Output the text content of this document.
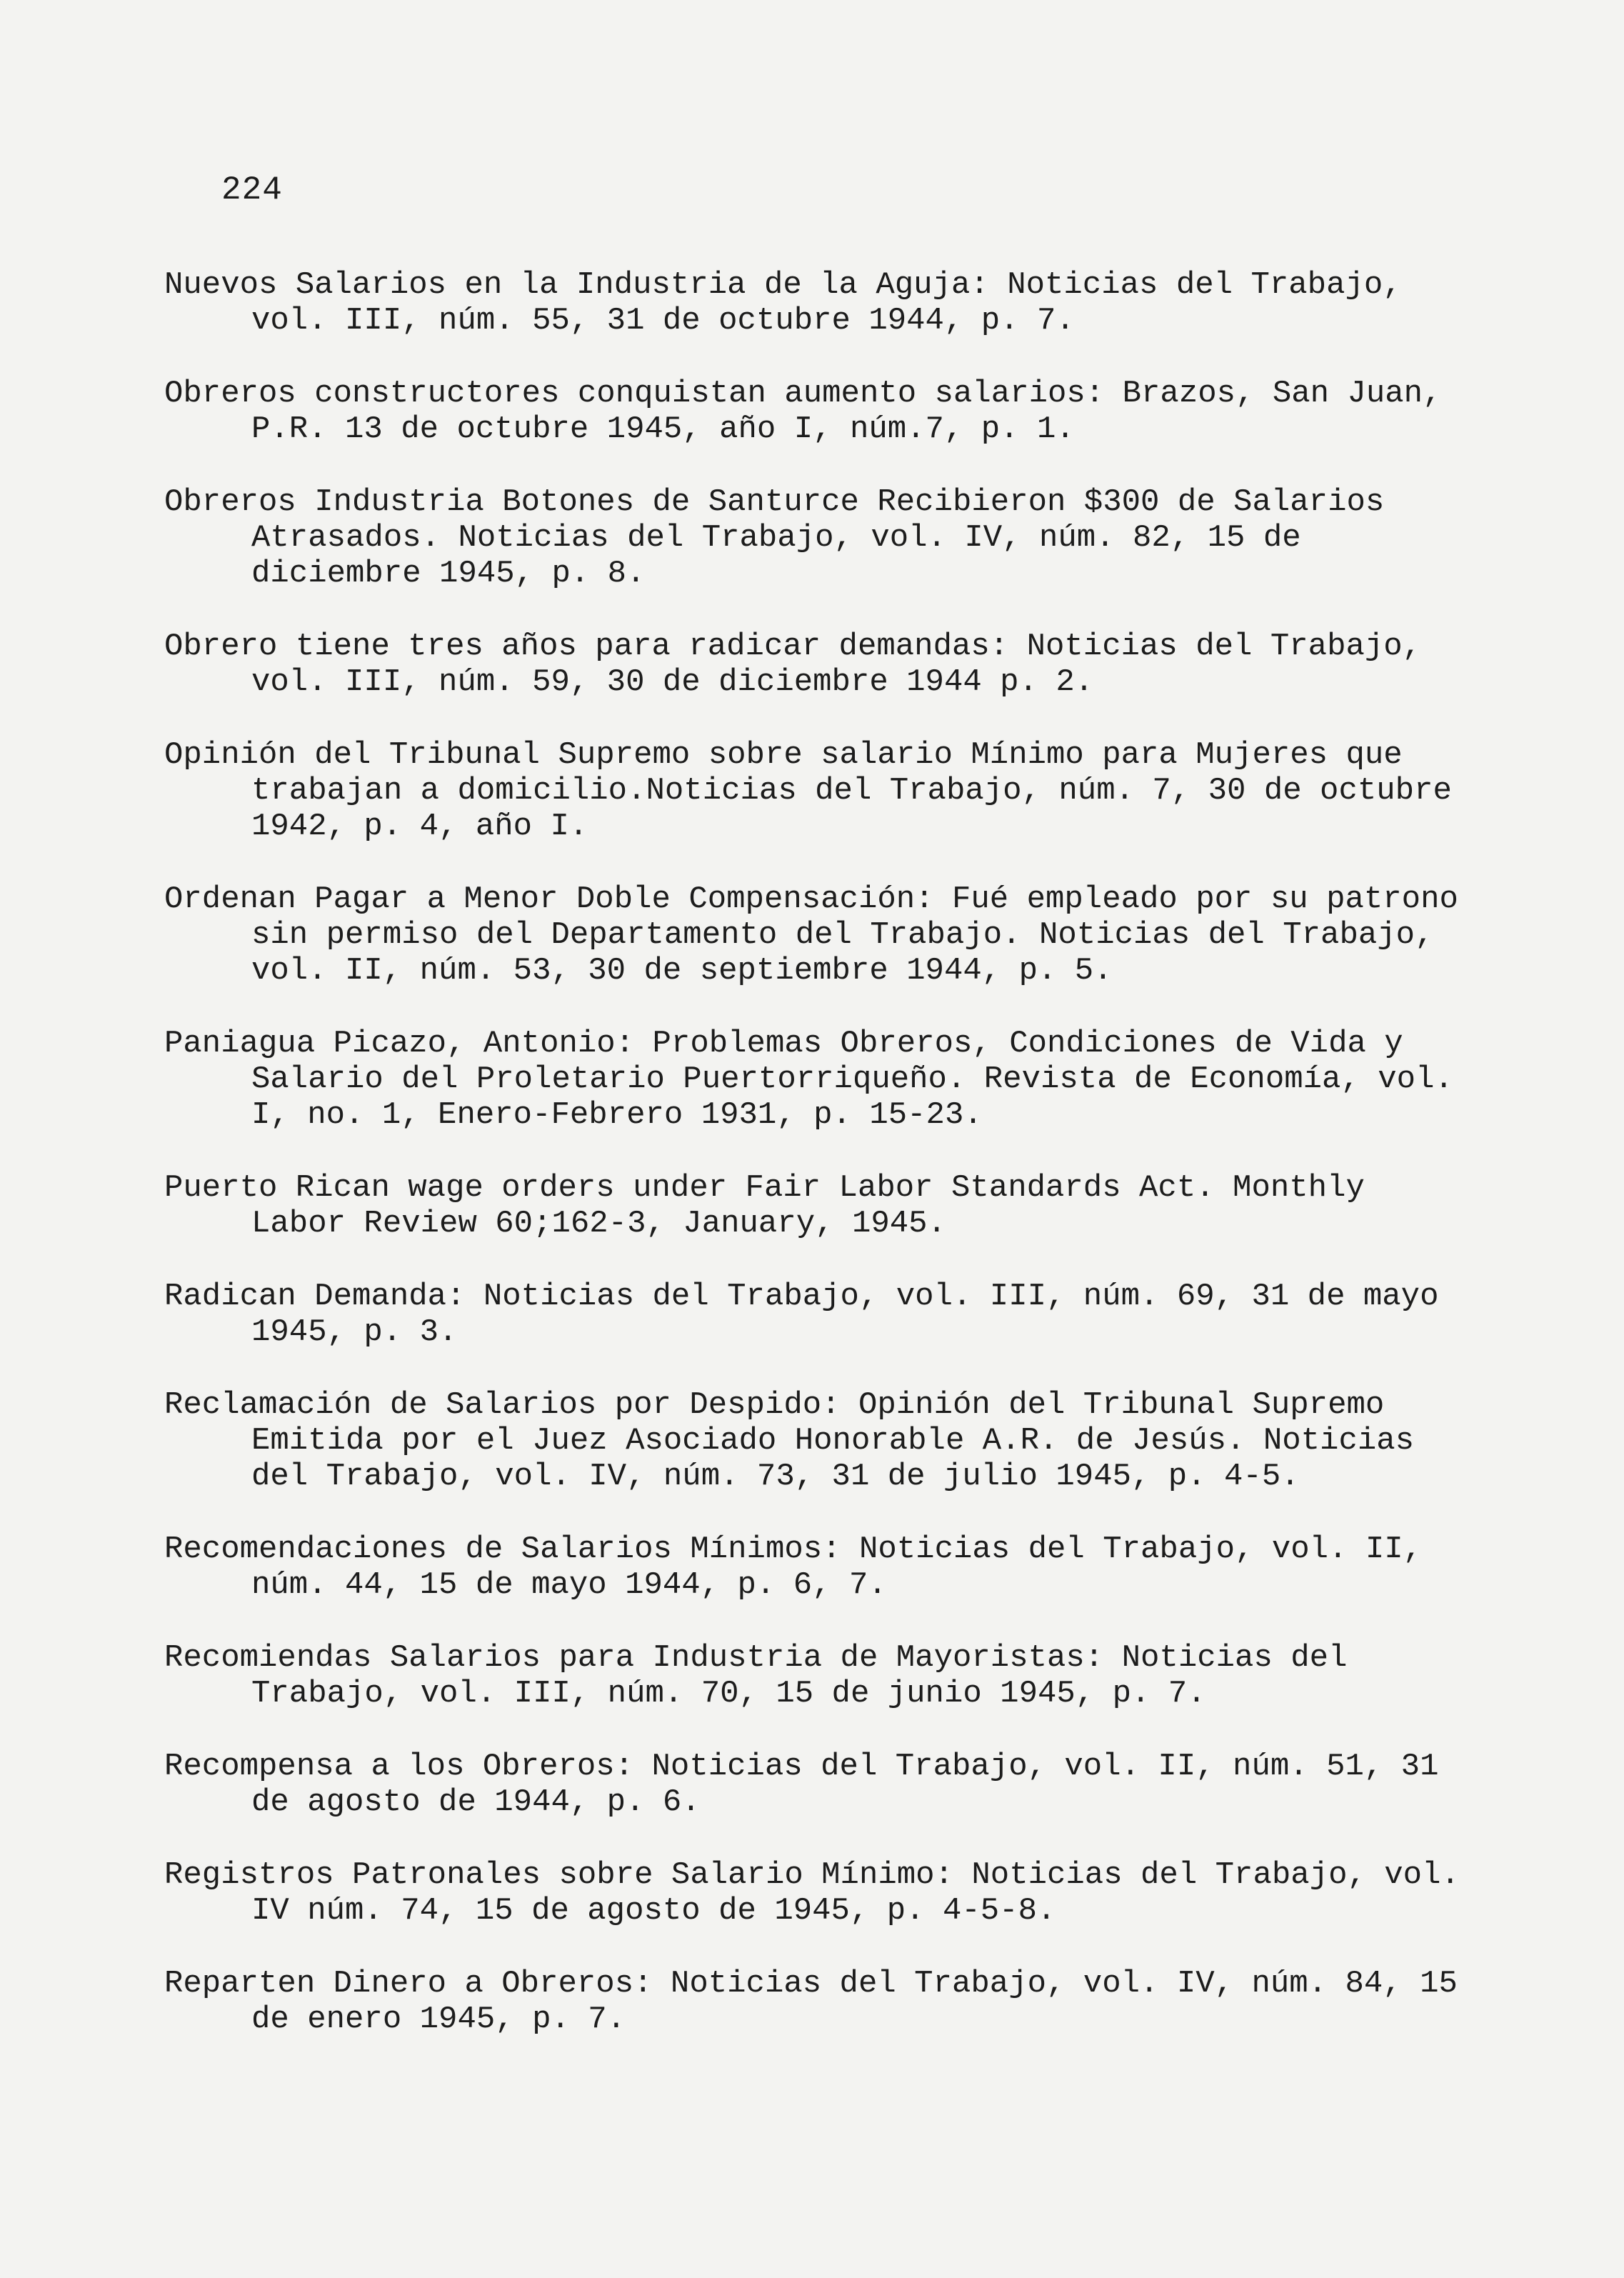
224

Nuevos Salarios en la Industria de la Aguja: Noticias del Trabajo, vol. III, núm. 55, 31 de octubre 1944, p. 7.

Obreros constructores conquistan aumento salarios: Brazos, San Juan, P.R. 13 de octubre 1945, año I, núm.7, p. 1.

Obreros Industria Botones de Santurce Recibieron $300 de Salarios Atrasados. Noticias del Trabajo, vol. IV, núm. 82, 15 de diciembre 1945, p. 8.

Obrero tiene tres años para radicar demandas: Noticias del Trabajo, vol. III, núm. 59, 30 de diciembre 1944 p. 2.

Opinión del Tribunal Supremo sobre salario Mínimo para Mujeres que trabajan a domicilio.Noticias del Trabajo, núm. 7, 30 de octubre 1942, p. 4, año I.

Ordenan Pagar a Menor Doble Compensación: Fué empleado por su patrono sin permiso del Departamento del Trabajo. Noticias del Trabajo, vol. II, núm. 53, 30 de septiembre 1944, p. 5.

Paniagua Picazo, Antonio: Problemas Obreros, Condiciones de Vida y Salario del Proletario Puertorriqueño. Revista de Economía, vol. I, no. 1, Enero-Febrero 1931, p. 15-23.

Puerto Rican wage orders under Fair Labor Standards Act. Monthly Labor Review 60;162-3, January, 1945.

Radican Demanda: Noticias del Trabajo, vol. III, núm. 69, 31 de mayo 1945, p. 3.

Reclamación de Salarios por Despido: Opinión del Tribunal Supremo Emitida por el Juez Asociado Honorable A.R. de Jesús. Noticias del Trabajo, vol. IV, núm. 73, 31 de julio 1945, p. 4-5.

Recomendaciones de Salarios Mínimos: Noticias del Trabajo, vol. II, núm. 44, 15 de mayo 1944, p. 6, 7.

Recomiendas Salarios para Industria de Mayoristas: Noticias del Trabajo, vol. III, núm. 70, 15 de junio 1945, p. 7.

Recompensa a los Obreros: Noticias del Trabajo, vol. II, núm. 51, 31 de agosto de 1944, p. 6.

Registros Patronales sobre Salario Mínimo: Noticias del Trabajo, vol. IV núm. 74, 15 de agosto de 1945, p. 4-5-8.

Reparten Dinero a Obreros: Noticias del Trabajo, vol. IV, núm. 84, 15 de enero 1945, p. 7.
